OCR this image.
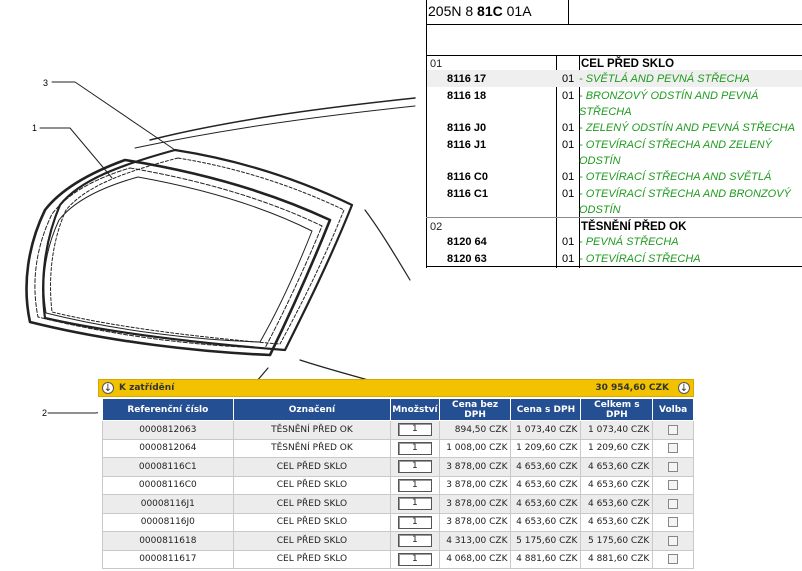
3
1
2
205N 8 81C 01A
01	CEL PŘED SKLO
8116 17	01 - SVĚTLÁ AND PEVNÁ STŘECHA
8116 18	01 - BRONZOVÝ ODSTÍN AND PEVNÁ STŘECHA
8116 J0	01 - ZELENÝ ODSTÍN AND PEVNÁ STŘECHA
8116 J1	01 - OTEVÍRACÍ STŘECHA AND ZELENÝ ODSTÍN
8116 C0	01 - OTEVÍRACÍ STŘECHA AND SVĚTLÁ
8116 C1	01 - OTEVÍRACÍ STŘECHA AND BRONZOVÝ ODSTÍN
02	TĚSNĚNÍ PŘED OK
8120 64	01 - PEVNÁ STŘECHA
8120 63	01 - OTEVÍRACÍ STŘECHA
↓ K zatřídění	30 954,60 CZK ↓
Referenční číslo	Označení	Množství	Cena bez DPH	Cena s DPH	Celkem s DPH	Volba
0000812063	TĚSNĚNÍ PŘED OK	1	894,50 CZK	1 073,40 CZK	1 073,40 CZK	
0000812064	TĚSNĚNÍ PŘED OK	1	1 008,00 CZK	1 209,60 CZK	1 209,60 CZK	
00008116C1	CEL PŘED SKLO	1	3 878,00 CZK	4 653,60 CZK	4 653,60 CZK	
00008116C0	CEL PŘED SKLO	1	3 878,00 CZK	4 653,60 CZK	4 653,60 CZK	
00008116J1	CEL PŘED SKLO	1	3 878,00 CZK	4 653,60 CZK	4 653,60 CZK	
00008116J0	CEL PŘED SKLO	1	3 878,00 CZK	4 653,60 CZK	4 653,60 CZK	
0000811618	CEL PŘED SKLO	1	4 313,00 CZK	5 175,60 CZK	5 175,60 CZK	
0000811617	CEL PŘED SKLO	1	4 068,00 CZK	4 881,60 CZK	4 881,60 CZK	
